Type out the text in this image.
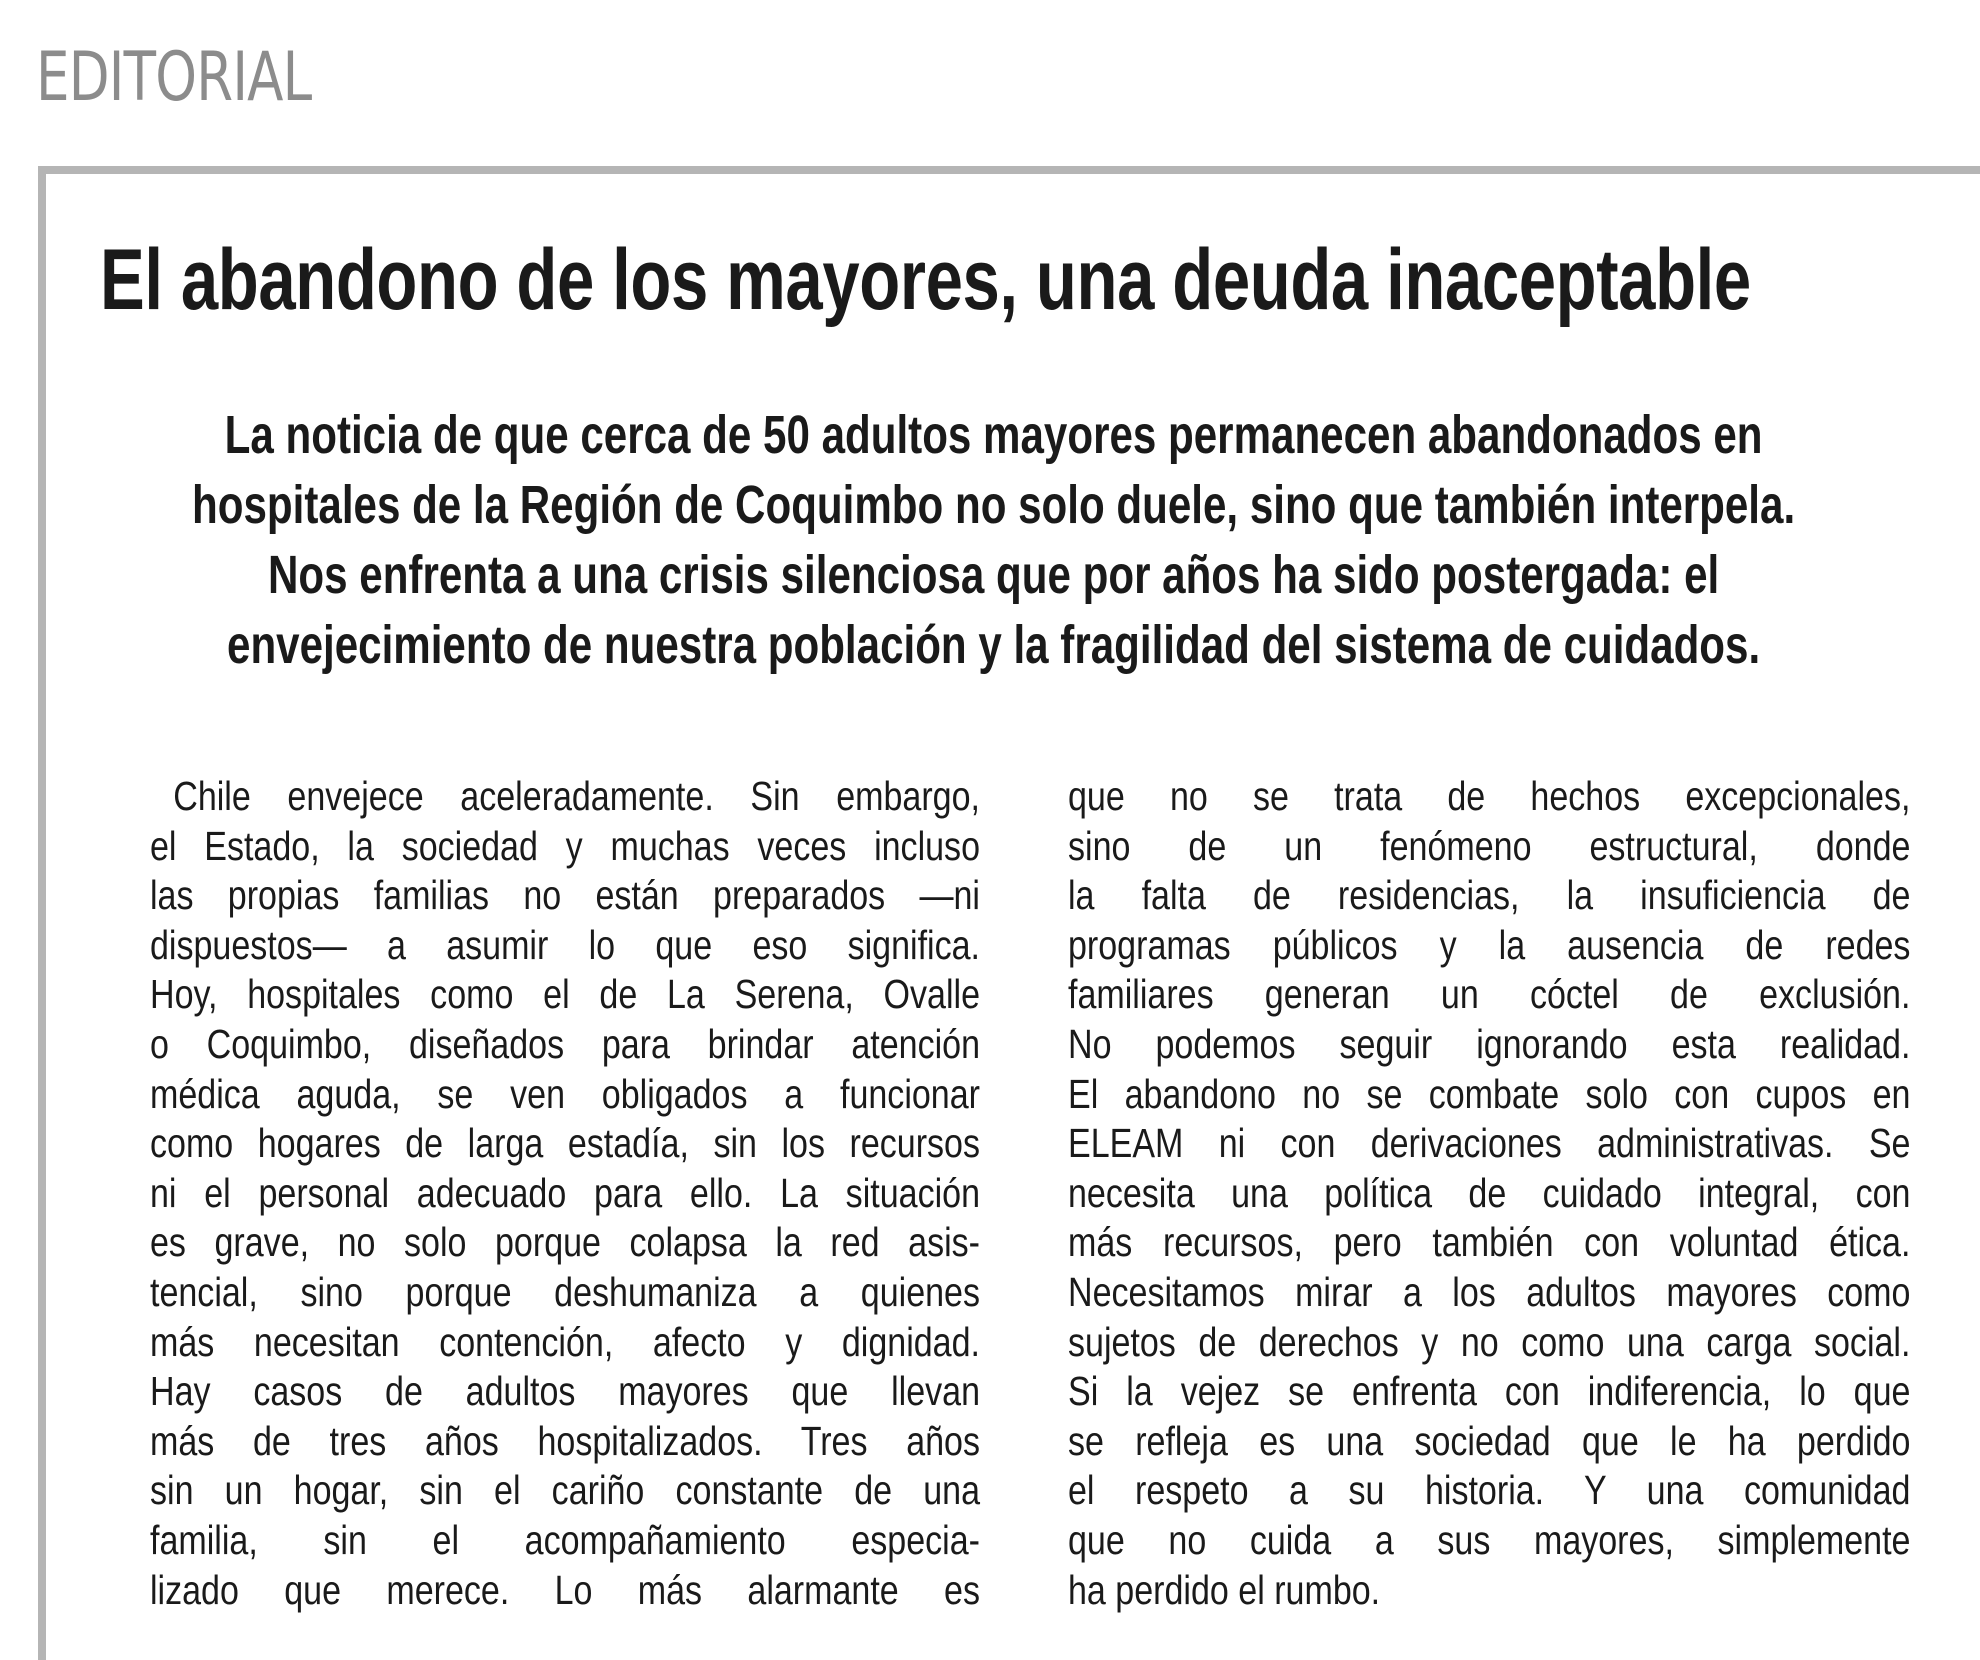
EDITORIAL
El abandono de los mayores, una deuda inaceptable
La noticia de que cerca de 50 adultos mayores permanecen abandonados en
hospitales de la Región de Coquimbo no solo duele, sino que también interpela.
Nos enfrenta a una crisis silenciosa que por años ha sido postergada: el
envejecimiento de nuestra población y la fragilidad del sistema de cuidados.
Chile envejece aceleradamente. Sin embargo,
el Estado, la sociedad y muchas veces incluso
las propias familias no están preparados —ni
dispuestos— a asumir lo que eso significa.
Hoy, hospitales como el de La Serena, Ovalle
o Coquimbo, diseñados para brindar atención
médica aguda, se ven obligados a funcionar
como hogares de larga estadía, sin los recursos
ni el personal adecuado para ello. La situación
es grave, no solo porque colapsa la red asis-
tencial, sino porque deshumaniza a quienes
más necesitan contención, afecto y dignidad.
Hay casos de adultos mayores que llevan
más de tres años hospitalizados. Tres años
sin un hogar, sin el cariño constante de una
familia, sin el acompañamiento especia-
lizado que merece. Lo más alarmante es
que no se trata de hechos excepcionales,
sino de un fenómeno estructural, donde
la falta de residencias, la insuficiencia de
programas públicos y la ausencia de redes
familiares generan un cóctel de exclusión.
No podemos seguir ignorando esta realidad.
El abandono no se combate solo con cupos en
ELEAM ni con derivaciones administrativas. Se
necesita una política de cuidado integral, con
más recursos, pero también con voluntad ética.
Necesitamos mirar a los adultos mayores como
sujetos de derechos y no como una carga social.
Si la vejez se enfrenta con indiferencia, lo que
se refleja es una sociedad que le ha perdido
el respeto a su historia. Y una comunidad
que no cuida a sus mayores, simplemente
ha perdido el rumbo.
